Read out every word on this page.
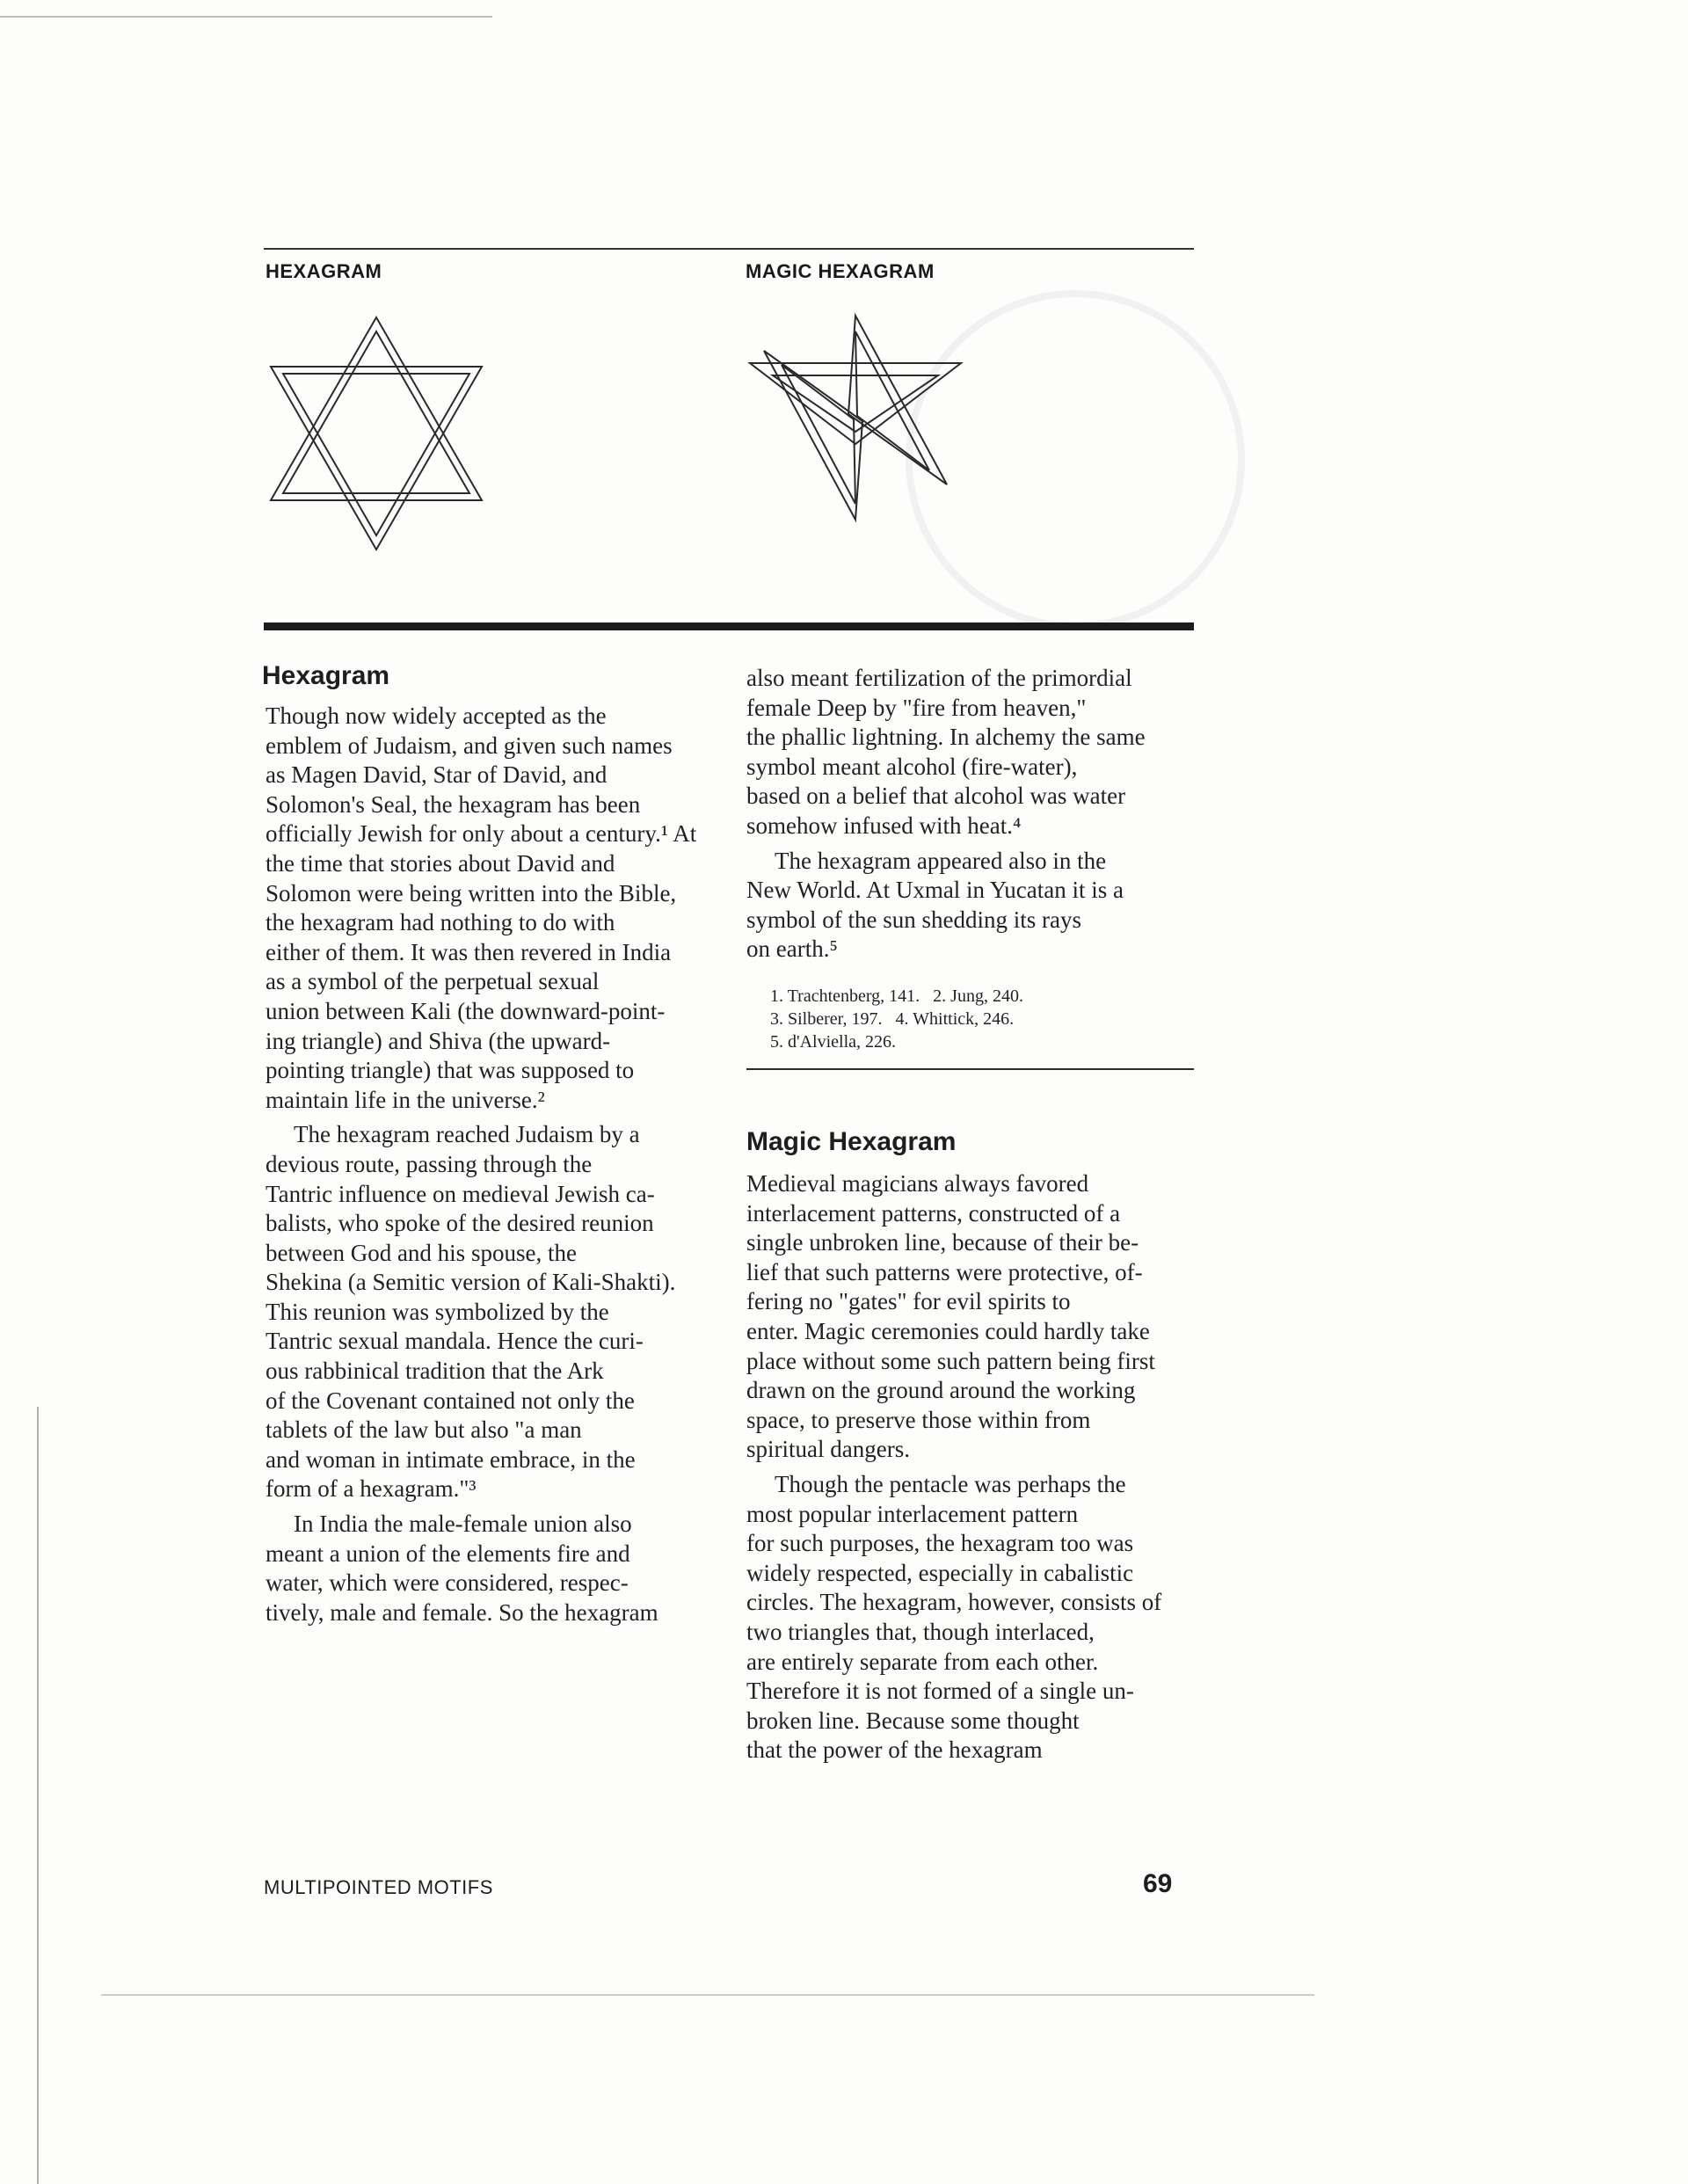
HEXAGRAM	MAGIC HEXAGRAM
Hexagram

Though now widely accepted as the
emblem of Judaism, and given such names
as Magen David, Star of David, and
Solomon's Seal, the hexagram has been
officially Jewish for only about a century.¹ At
the time that stories about David and
Solomon were being written into the Bible,
the hexagram had nothing to do with
either of them. It was then revered in India
as a symbol of the perpetual sexual
union between Kali (the downward-point-
ing triangle) and Shiva (the upward-
pointing triangle) that was supposed to
maintain life in the universe.²

The hexagram reached Judaism by a
devious route, passing through the
Tantric influence on medieval Jewish ca-
balists, who spoke of the desired reunion
between God and his spouse, the
Shekina (a Semitic version of Kali-Shakti).
This reunion was symbolized by the
Tantric sexual mandala. Hence the curi-
ous rabbinical tradition that the Ark
of the Covenant contained not only the
tablets of the law but also "a man
and woman in intimate embrace, in the
form of a hexagram."³

In India the male-female union also
meant a union of the elements fire and
water, which were considered, respec-
tively, male and female. So the hexagram

also meant fertilization of the primordial
female Deep by "fire from heaven,"
the phallic lightning. In alchemy the same
symbol meant alcohol (fire-water),
based on a belief that alcohol was water
somehow infused with heat.⁴

The hexagram appeared also in the
New World. At Uxmal in Yucatan it is a
symbol of the sun shedding its rays
on earth.⁵

1. Trachtenberg, 141.   2. Jung, 240.
3. Silberer, 197.   4. Whittick, 246.
5. d'Alviella, 226.
Magic Hexagram

Medieval magicians always favored
interlacement patterns, constructed of a
single unbroken line, because of their be-
lief that such patterns were protective, of-
fering no "gates" for evil spirits to
enter. Magic ceremonies could hardly take
place without some such pattern being first
drawn on the ground around the working
space, to preserve those within from
spiritual dangers.

Though the pentacle was perhaps the
most popular interlacement pattern
for such purposes, the hexagram too was
widely respected, especially in cabalistic
circles. The hexagram, however, consists of
two triangles that, though interlaced,
are entirely separate from each other.
Therefore it is not formed of a single un-
broken line. Because some thought
that the power of the hexagram

MULTIPOINTED MOTIFS	69
